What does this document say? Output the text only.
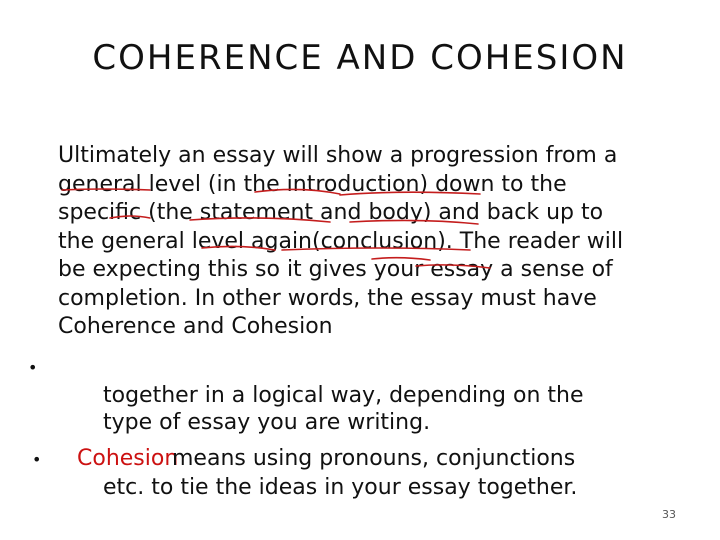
COHERENCE AND COHESION
Ultimately an essay will show a progression from a
general level (in the introduction) down to the
specific (the statement and body) and back up to
the general level again(conclusion). The reader will
be expecting this so it gives your essay a sense of
completion. In other words, the essay must have
Coherence and Cohesion
•
together in a logical way, depending on the
type of essay you are writing.
• Cohesion
means using pronouns, conjunctions
etc. to tie the ideas in your essay together.
33
